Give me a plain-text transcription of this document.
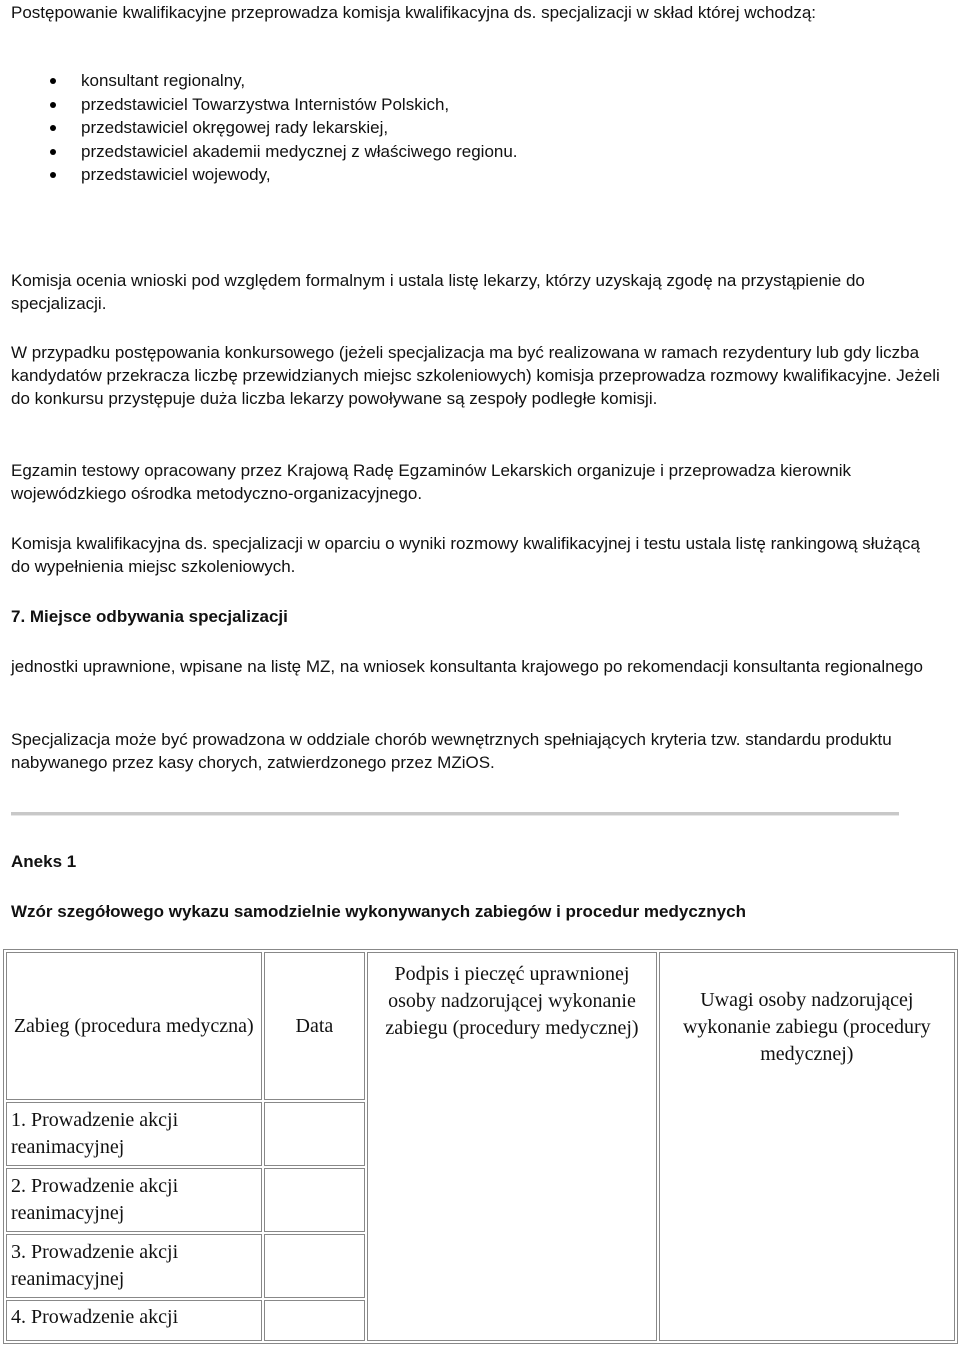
Postępowanie kwalifikacyjne przeprowadza komisja kwalifikacyjna ds. specjalizacji w skład której wchodzą:

konsultant regionalny,
przedstawiciel Towarzystwa Internistów Polskich,
przedstawiciel okręgowej rady lekarskiej,
przedstawiciel akademii medycznej z właściwego regionu.
przedstawiciel wojewody,

Komisja ocenia wnioski pod względem formalnym i ustala listę lekarzy, którzy uzyskają zgodę na przystąpienie do specjalizacji.

W przypadku postępowania konkursowego (jeżeli specjalizacja ma być realizowana w ramach rezydentury lub gdy liczba kandydatów przekracza liczbę przewidzianych miejsc szkoleniowych) komisja przeprowadza rozmowy kwalifikacyjne. Jeżeli do konkursu przystępuje duża liczba lekarzy powoływane są zespoły podległe komisji.

Egzamin testowy opracowany przez Krajową Radę Egzaminów Lekarskich organizuje i przeprowadza kierownik wojewódzkiego ośrodka metodyczno-organizacyjnego.

Komisja kwalifikacyjna ds. specjalizacji w oparciu o wyniki rozmowy kwalifikacyjnej i testu ustala listę rankingową służącą do wypełnienia miejsc szkoleniowych.

7. Miejsce odbywania specjalizacji

jednostki uprawnione, wpisane na listę MZ, na wniosek konsultanta krajowego po rekomendacji konsultanta regionalnego

Specjalizacja może być prowadzona w oddziale chorób wewnętrznych spełniających kryteria tzw. standardu produktu nabywanego przez kasy chorych, zatwierdzonego przez MZiOS.

Aneks 1
Wzór szegółowego wykazu samodzielnie wykonywanych zabiegów i procedur medycznych
Zabieg (procedura medyczna)	Data	Podpis i pieczęć uprawnionej osoby nadzorującej wykonanie zabiegu (procedury medycznej)	Uwagi osoby nadzorującej wykonanie zabiegu (procedury medycznej)
1. Prowadzenie akcji reanimacyjnej			
2. Prowadzenie akcji reanimacyjnej			
3. Prowadzenie akcji reanimacyjnej			
4. Prowadzenie akcji			
